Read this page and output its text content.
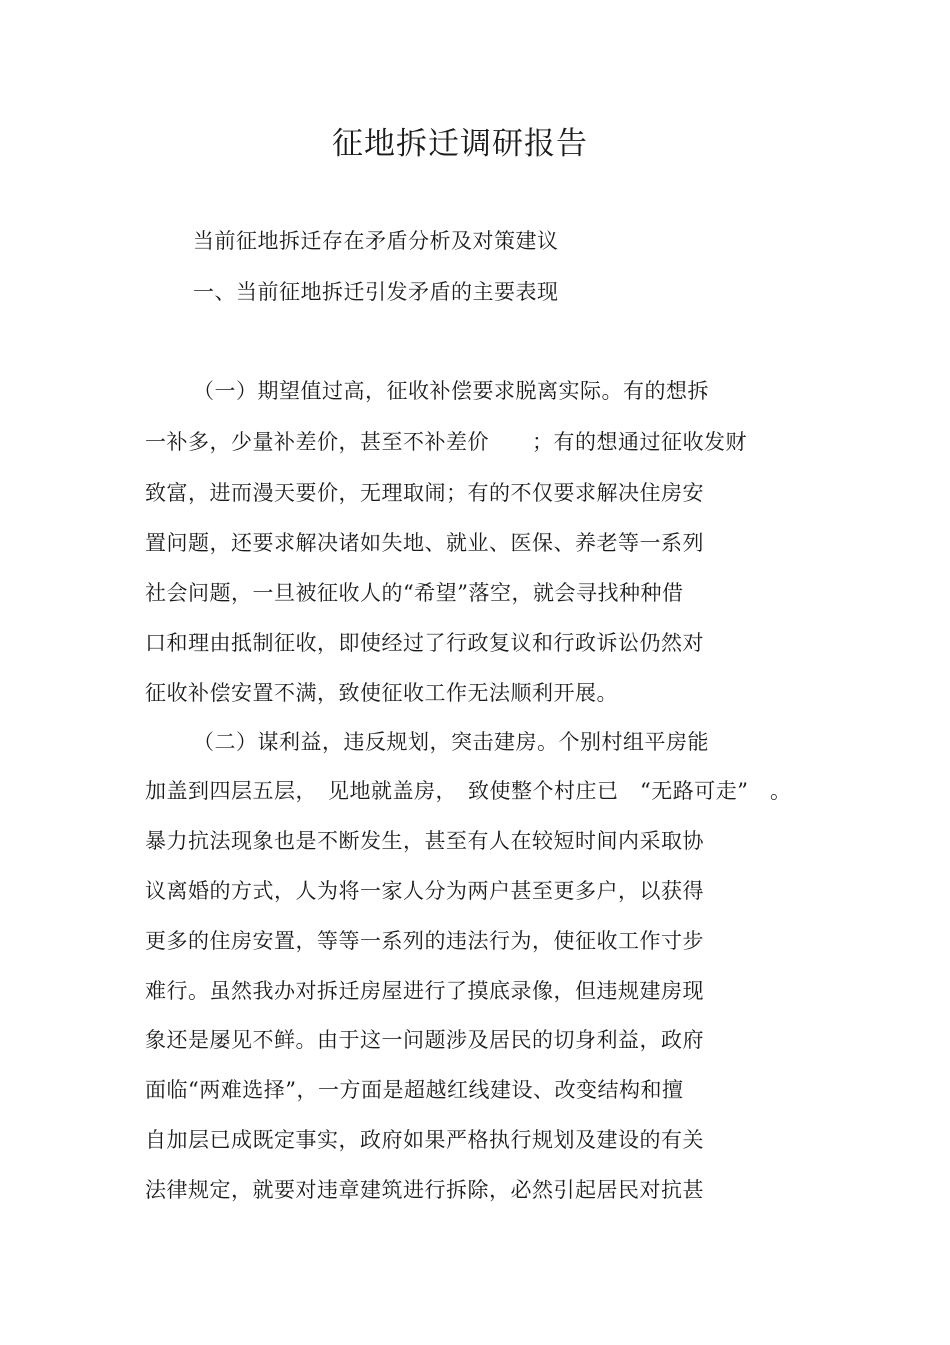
征地拆迁调研报告

当前征地拆迁存在矛盾分析及对策建议

一、当前征地拆迁引发矛盾的主要表现

（一）期望值过高，征收补偿要求脱离实际。有的想拆

一补多，少量补差价，甚至不补差价　　；有的想通过征收发财

致富，进而漫天要价，无理取闹；有的不仅要求解决住房安

置问题，还要求解决诸如失地、就业、医保、养老等一系列

社会问题，一旦被征收人的“希望”落空，就会寻找种种借

口和理由抵制征收，即使经过了行政复议和行政诉讼仍然对

征收补偿安置不满，致使征收工作无法顺利开展。

（二）谋利益，违反规划，突击建房。个别村组平房能

加盖到四层五层，　见地就盖房，　致使整个村庄已　“无路可走”　。

暴力抗法现象也是不断发生，甚至有人在较短时间内采取协

议离婚的方式，人为将一家人分为两户甚至更多户，以获得

更多的住房安置，等等一系列的违法行为，使征收工作寸步

难行。虽然我办对拆迁房屋进行了摸底录像，但违规建房现

象还是屡见不鲜。由于这一问题涉及居民的切身利益，政府

面临“两难选择”，一方面是超越红线建设、改变结构和擅

自加层已成既定事实，政府如果严格执行规划及建设的有关

法律规定，就要对违章建筑进行拆除，必然引起居民对抗甚
